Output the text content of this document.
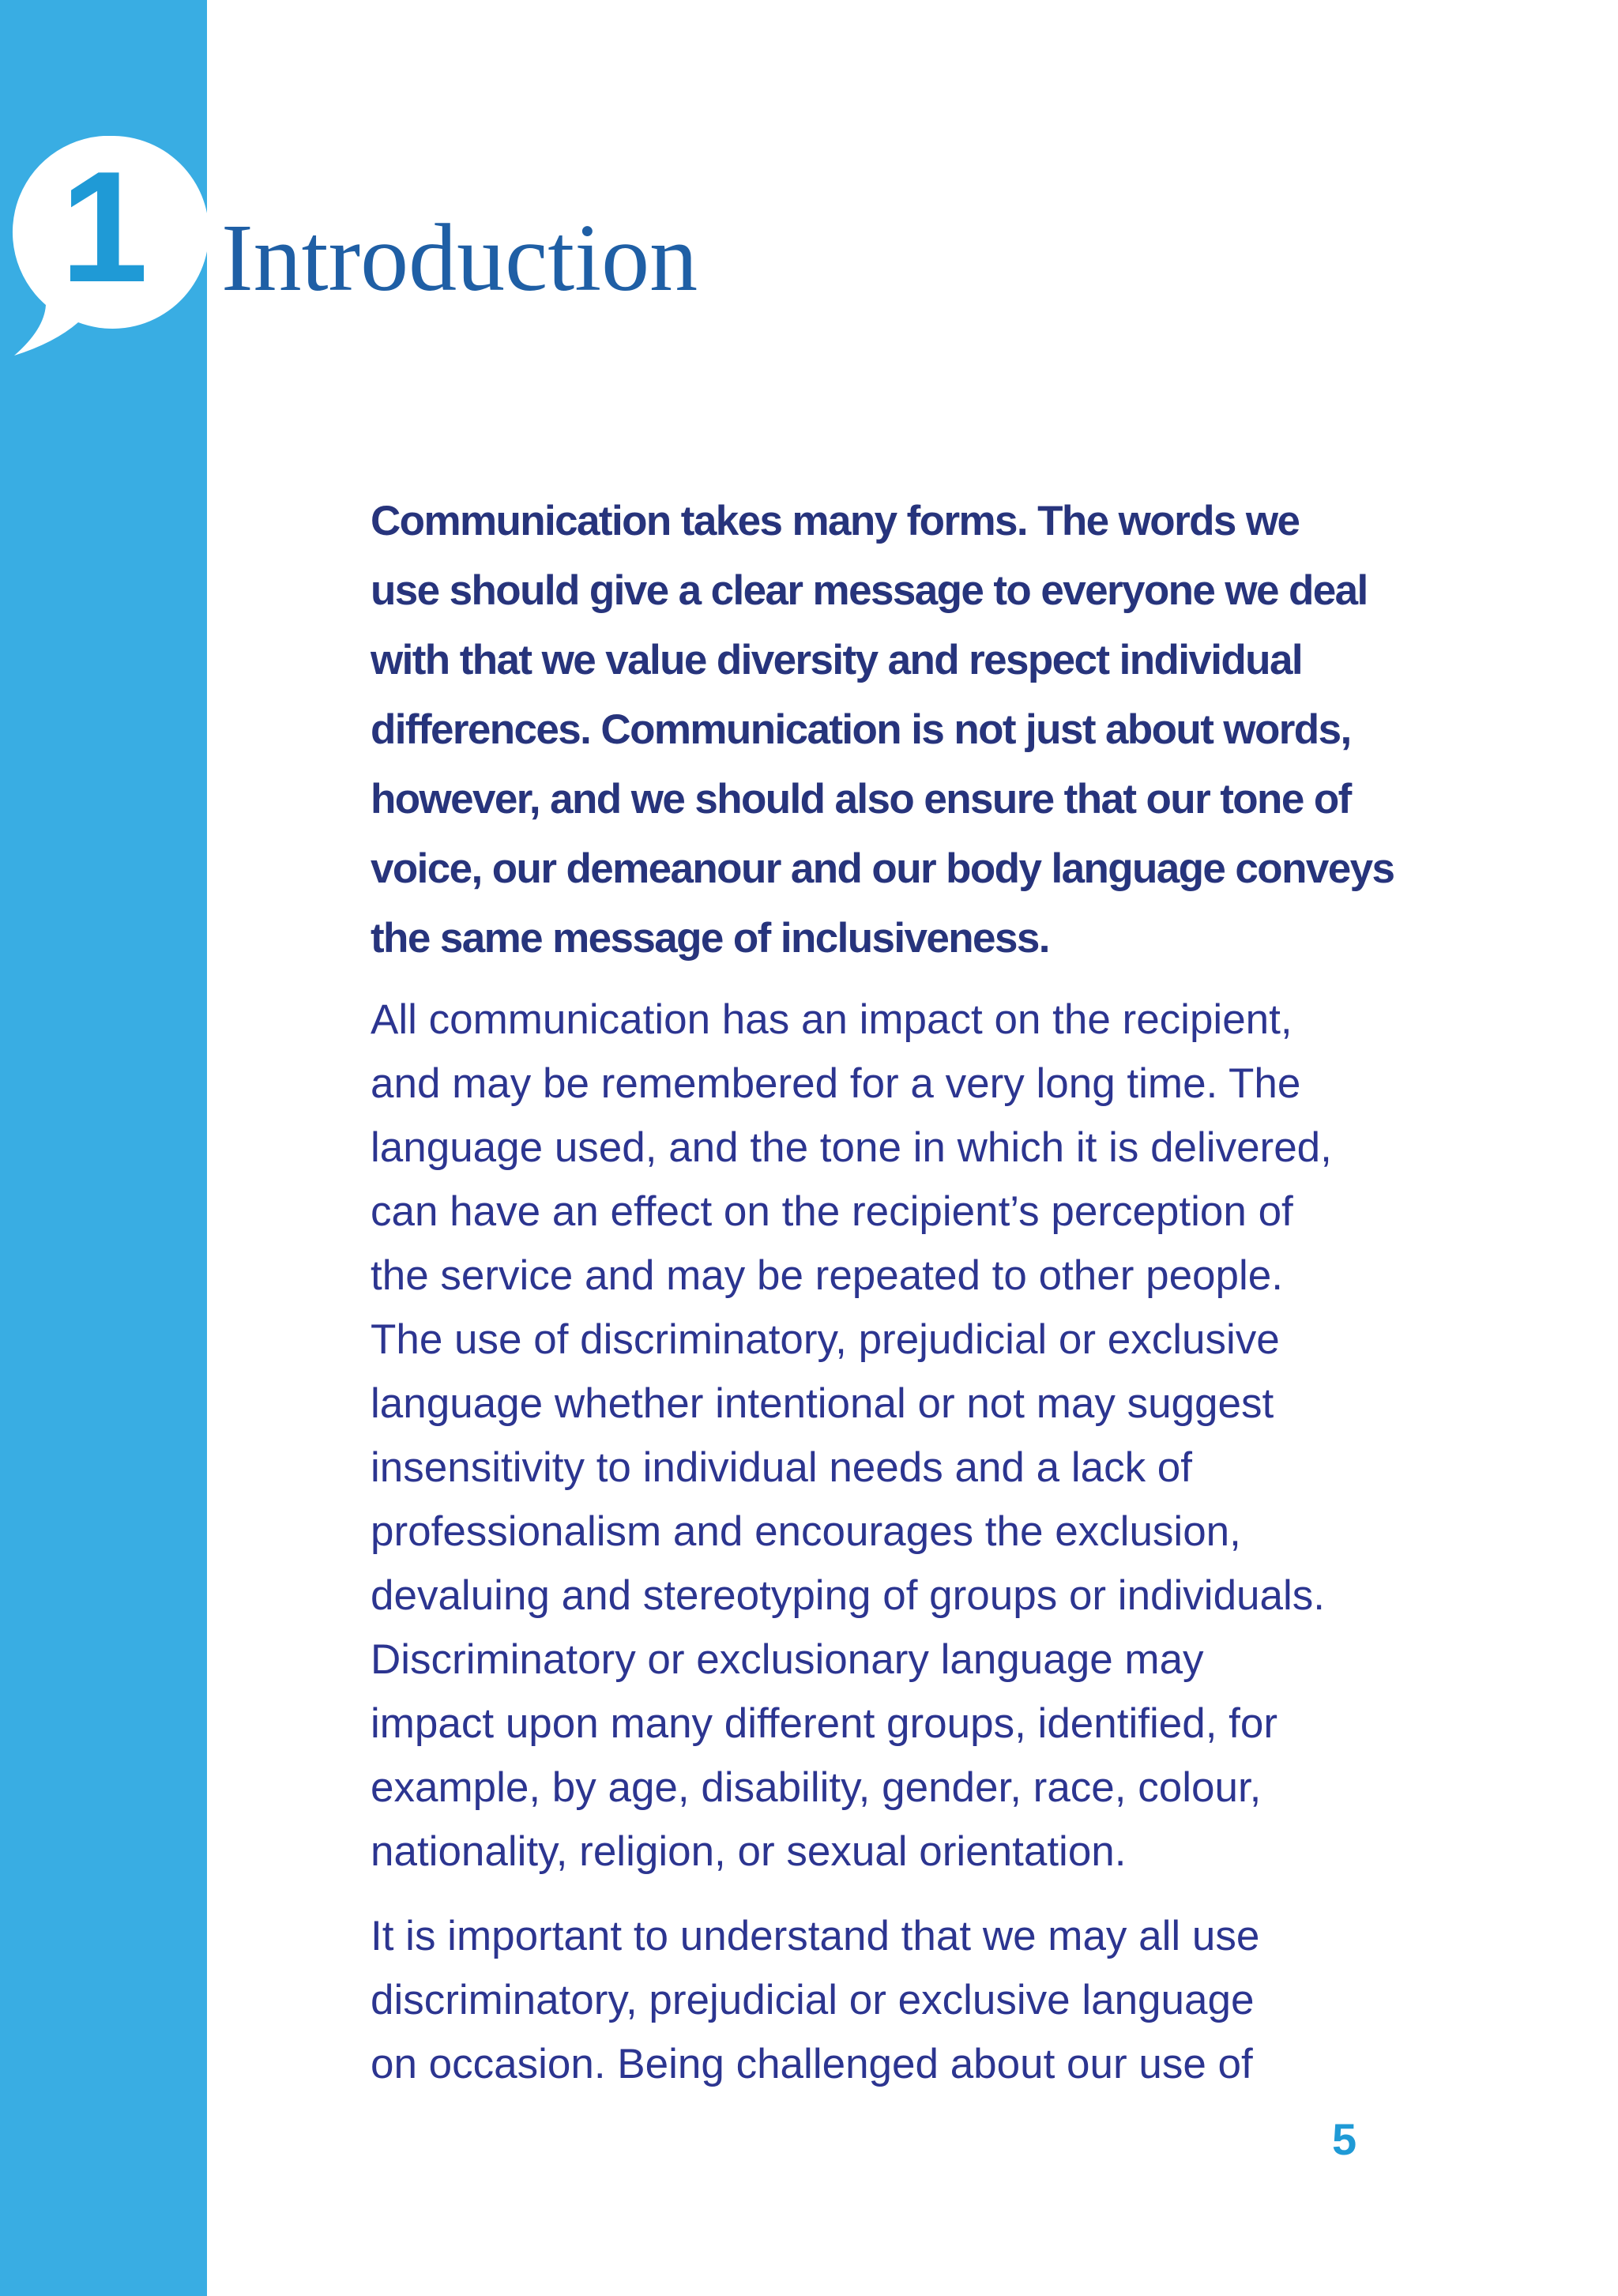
1 Introduction

Communication takes many forms. The words we
use should give a clear message to everyone we deal
with that we value diversity and respect individual
differences. Communication is not just about words,
however, and we should also ensure that our tone of
voice, our demeanour and our body language conveys
the same message of inclusiveness.

All communication has an impact on the recipient,
and may be remembered for a very long time. The
language used, and the tone in which it is delivered,
can have an effect on the recipient’s perception of
the service and may be repeated to other people.
The use of discriminatory, prejudicial or exclusive
language whether intentional or not may suggest
insensitivity to individual needs and a lack of
professionalism and encourages the exclusion,
devaluing and stereotyping of groups or individuals.
Discriminatory or exclusionary language may
impact upon many different groups, identified, for
example, by age, disability, gender, race, colour,
nationality, religion, or sexual orientation.

It is important to understand that we may all use
discriminatory, prejudicial or exclusive language
on occasion. Being challenged about our use of

5
